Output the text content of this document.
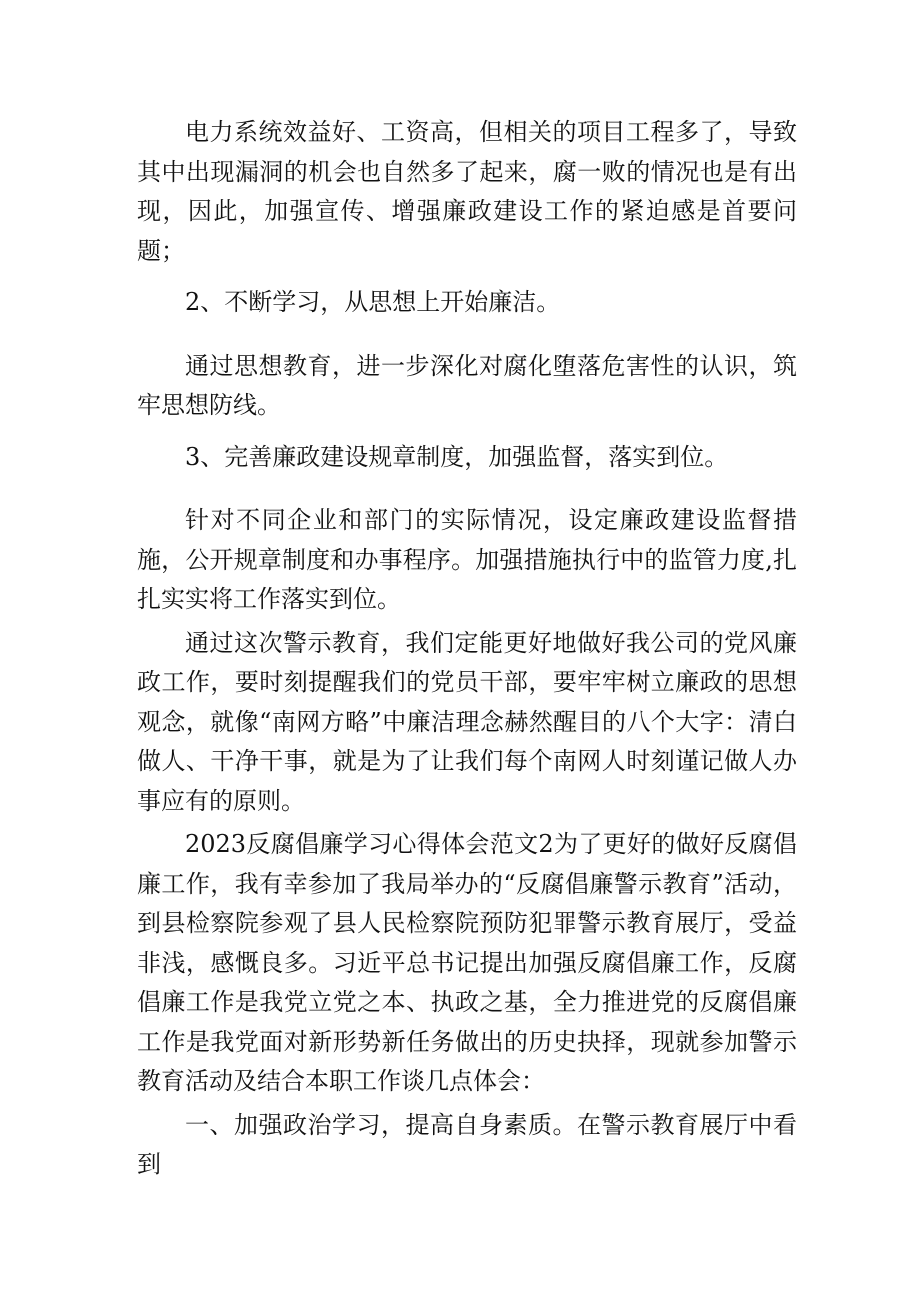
电力系统效益好、工资高，但相关的项目工程多了，导致其中出现漏洞的机会也自然多了起来，腐一败的情况也是有出现，因此，加强宣传、增强廉政建设工作的紧迫感是首要问题；

2、不断学习，从思想上开始廉洁。

通过思想教育，进一步深化对腐化堕落危害性的认识，筑牢思想防线。

3、完善廉政建设规章制度，加强监督，落实到位。

针对不同企业和部门的实际情况，设定廉政建设监督措施，公开规章制度和办事程序。加强措施执行中的监管力度,扎扎实实将工作落实到位。

通过这次警示教育，我们定能更好地做好我公司的党风廉政工作，要时刻提醒我们的党员干部，要牢牢树立廉政的思想观念，就像“南网方略”中廉洁理念赫然醒目的八个大字：清白做人、干净干事，就是为了让我们每个南网人时刻谨记做人办事应有的原则。

2023反腐倡廉学习心得体会范文2为了更好的做好反腐倡廉工作，我有幸参加了我局举办的“反腐倡廉警示教育”活动，到县检察院参观了县人民检察院预防犯罪警示教育展厅，受益非浅，感慨良多。习近平总书记提出加强反腐倡廉工作，反腐倡廉工作是我党立党之本、执政之基，全力推进党的反腐倡廉工作是我党面对新形势新任务做出的历史抉择，现就参加警示教育活动及结合本职工作谈几点体会：

一、加强政治学习，提高自身素质。在警示教育展厅中看到
